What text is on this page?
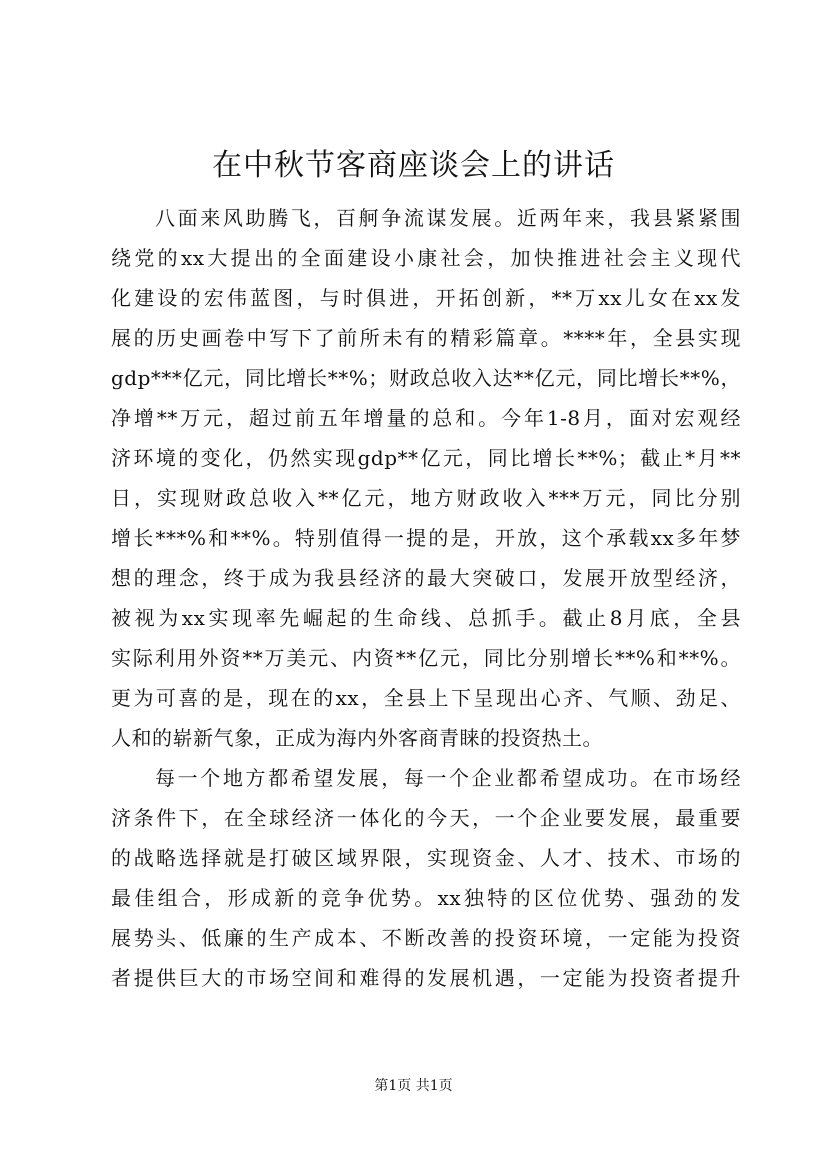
在中秋节客商座谈会上的讲话
八面来风助腾飞，百舸争流谋发展。近两年来，我县紧紧围
绕党的xx大提出的全面建设小康社会，加快推进社会主义现代
化建设的宏伟蓝图，与时俱进，开拓创新，**万xx儿女在xx发
展的历史画卷中写下了前所未有的精彩篇章。****年，全县实现
gdp***亿元，同比增长**%；财政总收入达**亿元，同比增长**%，
净增**万元，超过前五年增量的总和。今年1-8月，面对宏观经
济环境的变化，仍然实现gdp**亿元，同比增长**%；截止*月**
日，实现财政总收入**亿元，地方财政收入***万元，同比分别
增长***%和**%。特别值得一提的是，开放，这个承载xx多年梦
想的理念，终于成为我县经济的最大突破口，发展开放型经济，
被视为xx实现率先崛起的生命线、总抓手。截止8月底，全县
实际利用外资**万美元、内资**亿元，同比分别增长**%和**%。
更为可喜的是，现在的xx，全县上下呈现出心齐、气顺、劲足、
人和的崭新气象，正成为海内外客商青睐的投资热土。
每一个地方都希望发展，每一个企业都希望成功。在市场经
济条件下，在全球经济一体化的今天，一个企业要发展，最重要
的战略选择就是打破区域界限，实现资金、人才、技术、市场的
最佳组合，形成新的竞争优势。xx独特的区位优势、强劲的发
展势头、低廉的生产成本、不断改善的投资环境，一定能为投资
者提供巨大的市场空间和难得的发展机遇，一定能为投资者提升
第1页 共1页
